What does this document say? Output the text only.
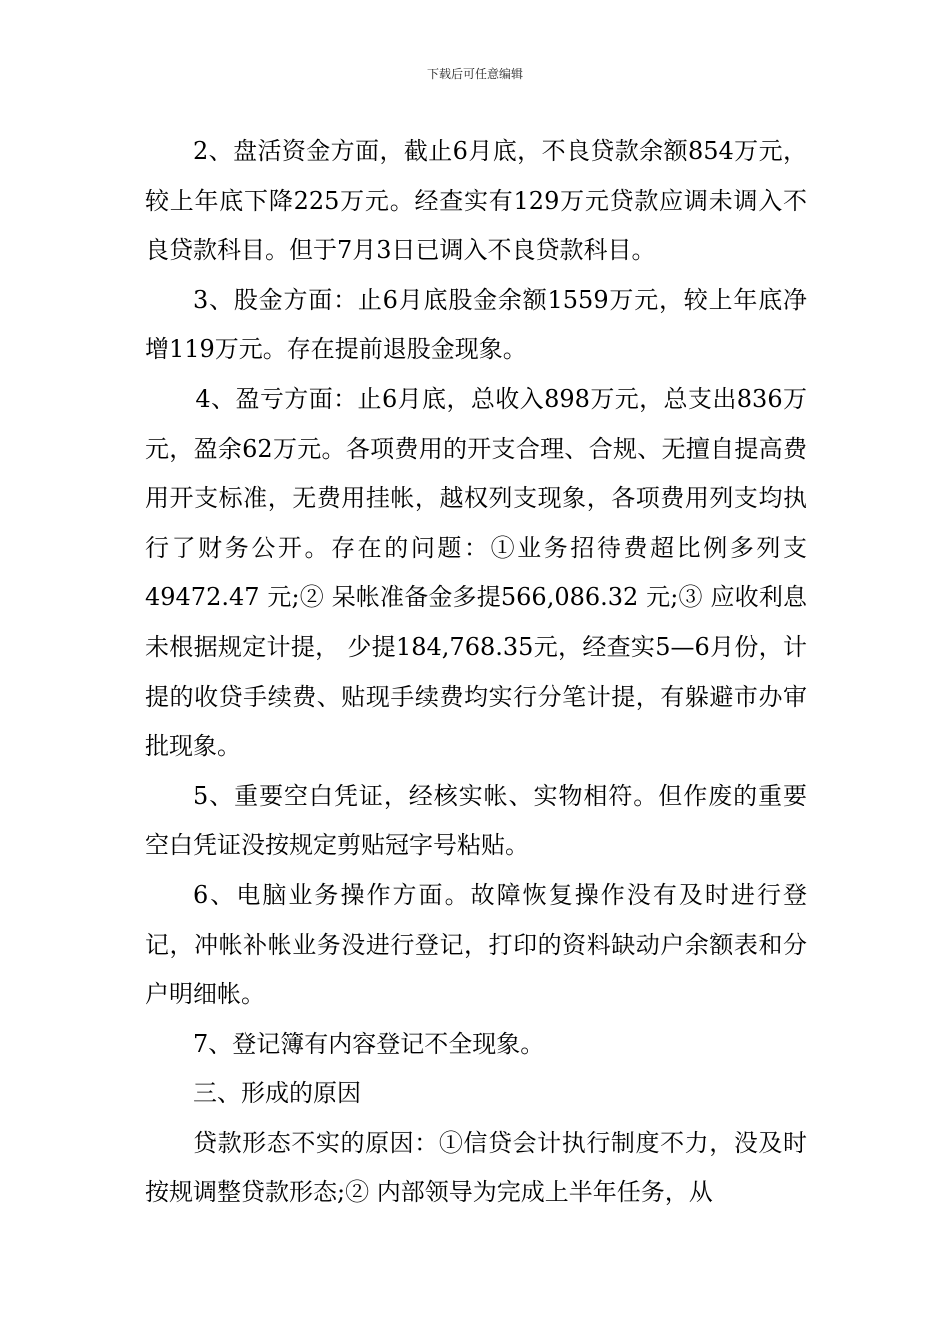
下载后可任意编辑

2、盘活资金方面，截止6月底，不良贷款余额854万元，较上年底下降225万元。经查实有129万元贷款应调未调入不良贷款科目。但于7月3日已调入不良贷款科目。

3、股金方面：止6月底股金余额1559万元，较上年底净增119万元。存在提前退股金现象。

4、盈亏方面：止6月底，总收入898万元，总支出836万元，盈余62万元。各项费用的开支合理、合规、无擅自提高费用开支标准，无费用挂帐，越权列支现象，各项费用列支均执行了财务公开。存在的问题：①业务招待费超比例多列支 49472.47 元;② 呆帐准备金多提566,086.32 元;③ 应收利息未根据规定计提， 少提184,768.35元，经查实5—6月份，计提的收贷手续费、贴现手续费均实行分笔计提，有躲避市办审批现象。

5、重要空白凭证，经核实帐、实物相符。但作废的重要空白凭证没按规定剪贴冠字号粘贴。

6、电脑业务操作方面。故障恢复操作没有及时进行登记，冲帐补帐业务没进行登记，打印的资料缺动户余额表和分户明细帐。

7、登记簿有内容登记不全现象。

三、形成的原因

贷款形态不实的原因：①信贷会计执行制度不力，没及时按规调整贷款形态;② 内部领导为完成上半年任务，从
